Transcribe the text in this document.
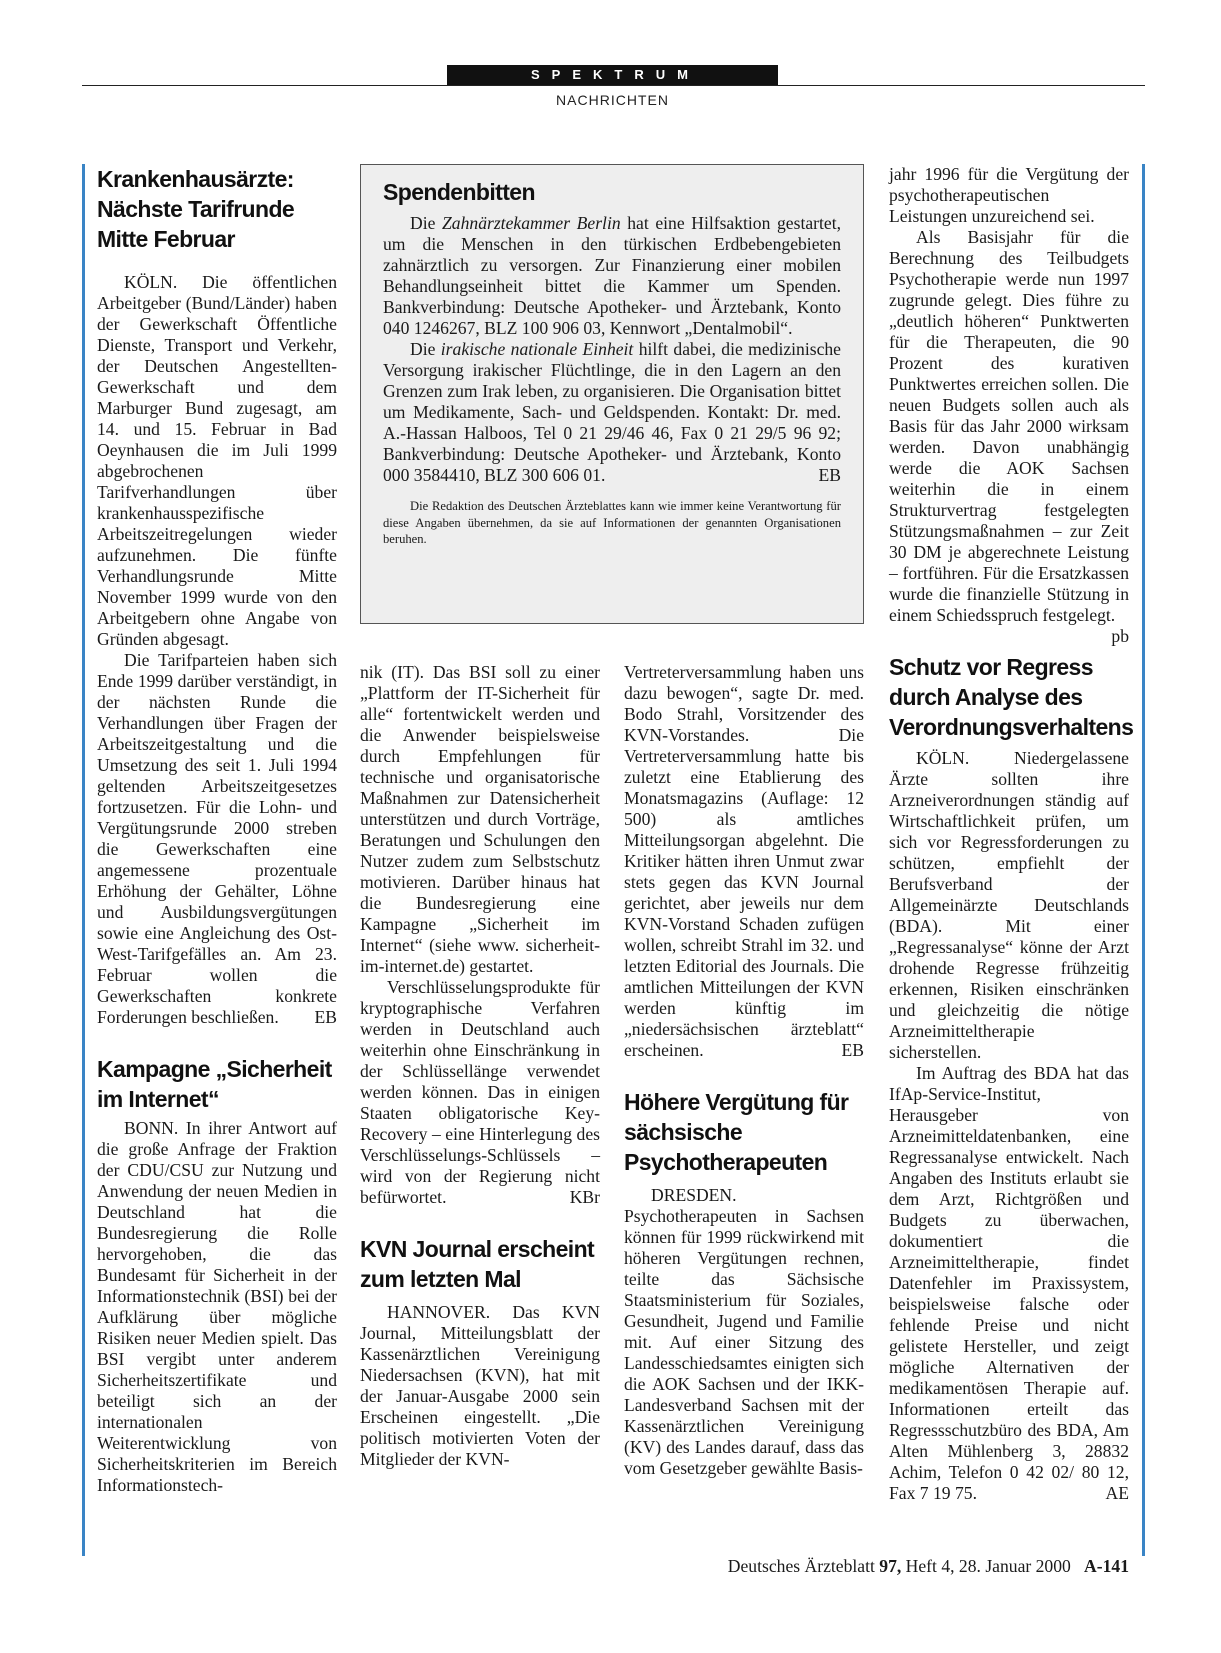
SPEKTRUM
NACHRICHTEN
Krankenhausärzte:
Nächste Tarifrunde
Mitte Februar

KÖLN. Die öffentlichen Arbeitgeber (Bund/Länder) haben der Gewerkschaft Öffentliche Dienste, Transport und Verkehr, der Deutschen Angestellten-Gewerkschaft und dem Marburger Bund zugesagt, am 14. und 15. Februar in Bad Oeynhausen die im Juli 1999 abgebrochenen Tarifverhandlungen über krankenhausspezifische Arbeitszeitregelungen wieder aufzunehmen. Die fünfte Verhandlungsrunde Mitte November 1999 wurde von den Arbeitgebern ohne Angabe von Gründen abgesagt.

Die Tarifparteien haben sich Ende 1999 darüber verständigt, in der nächsten Runde die Verhandlungen über Fragen der Arbeitszeitgestaltung und die Umsetzung des seit 1. Juli 1994 geltenden Arbeitszeitgesetzes fortzusetzen. Für die Lohn- und Vergütungsrunde 2000 streben die Gewerkschaften eine angemessene prozentuale Erhöhung der Gehälter, Löhne und Ausbildungsvergütungen sowie eine Angleichung des Ost-West-Tarifgefälles an. Am 23. Februar wollen die Gewerkschaften konkrete Forderungen beschließen.	EB

Kampagne „Sicherheit
im Internet“

BONN. In ihrer Antwort auf die große Anfrage der Fraktion der CDU/CSU zur Nutzung und Anwendung der neuen Medien in Deutschland hat die Bundesregierung die Rolle hervorgehoben, die das Bundesamt für Sicherheit in der Informationstechnik (BSI) bei der Aufklärung über mögliche Risiken neuer Medien spielt. Das BSI vergibt unter anderem Sicherheitszertifikate und beteiligt sich an der internationalen Weiterentwicklung von Sicherheitskriterien im Bereich Informationstech-

Spendenbitten

Die Zahnärztekammer Berlin hat eine Hilfsaktion gestartet, um die Menschen in den türkischen Erdbebengebieten zahnärztlich zu versorgen. Zur Finanzierung einer mobilen Behandlungseinheit bittet die Kammer um Spenden. Bankverbindung: Deutsche Apotheker- und Ärztebank, Konto 040 1246267, BLZ 100 906 03, Kennwort „Dentalmobil“.

Die irakische nationale Einheit hilft dabei, die medizinische Versorgung irakischer Flüchtlinge, die in den Lagern an den Grenzen zum Irak leben, zu organisieren. Die Organisation bittet um Medikamente, Sach- und Geldspenden. Kontakt: Dr. med. A.-Hassan Halboos, Tel 0 21 29/46 46, Fax 0 21 29/5 96 92; Bankverbindung: Deutsche Apotheker- und Ärztebank, Konto 000 3584410, BLZ 300 606 01.	EB

Die Redaktion des Deutschen Ärzteblattes kann wie immer keine Verantwortung für diese Angaben übernehmen, da sie auf Informationen der genannten Organisationen beruhen.

nik (IT). Das BSI soll zu einer „Plattform der IT-Sicherheit für alle“ fortentwickelt werden und die Anwender beispielsweise durch Empfehlungen für technische und organisatorische Maßnahmen zur Datensicherheit unterstützen und durch Vorträge, Beratungen und Schulungen den Nutzer zudem zum Selbstschutz motivieren. Darüber hinaus hat die Bundesregierung eine Kampagne „Sicherheit im Internet“ (siehe www. sicherheit-im-internet.de) gestartet.

Verschlüsselungsprodukte für kryptographische Verfahren werden in Deutschland auch weiterhin ohne Einschränkung in der Schlüssellänge verwendet werden können. Das in einigen Staaten obligatorische Key-Recovery – eine Hinterlegung des Verschlüsselungs-Schlüssels – wird von der Regierung nicht befürwortet.	KBr

KVN Journal erscheint
zum letzten Mal

HANNOVER. Das KVN Journal, Mitteilungsblatt der Kassenärztlichen Vereinigung Niedersachsen (KVN), hat mit der Januar-Ausgabe 2000 sein Erscheinen eingestellt. „Die politisch motivierten Voten der Mitglieder der KVN-

Vertreterversammlung haben uns dazu bewogen“, sagte Dr. med. Bodo Strahl, Vorsitzender des KVN-Vorstandes. Die Vertreterversammlung hatte bis zuletzt eine Etablierung des Monatsmagazins (Auflage: 12 500) als amtliches Mitteilungsorgan abgelehnt. Die Kritiker hätten ihren Unmut zwar stets gegen das KVN Journal gerichtet, aber jeweils nur dem KVN-Vorstand Schaden zufügen wollen, schreibt Strahl im 32. und letzten Editorial des Journals. Die amtlichen Mitteilungen der KVN werden künftig im „niedersächsischen ärzteblatt“ erscheinen.	EB

Höhere Vergütung für
sächsische
Psychotherapeuten

DRESDEN. Psychotherapeuten in Sachsen können für 1999 rückwirkend mit höheren Vergütungen rechnen, teilte das Sächsische Staatsministerium für Soziales, Gesundheit, Jugend und Familie mit. Auf einer Sitzung des Landesschiedsamtes einigten sich die AOK Sachsen und der IKK-Landesverband Sachsen mit der Kassenärztlichen Vereinigung (KV) des Landes darauf, dass das vom Gesetzgeber gewählte Basis-

jahr 1996 für die Vergütung der psychotherapeutischen Leistungen unzureichend sei.

Als Basisjahr für die Berechnung des Teilbudgets Psychotherapie werde nun 1997 zugrunde gelegt. Dies führe zu „deutlich höheren“ Punktwerten für die Therapeuten, die 90 Prozent des kurativen Punktwertes erreichen sollen. Die neuen Budgets sollen auch als Basis für das Jahr 2000 wirksam werden. Davon unabhängig werde die AOK Sachsen weiterhin die in einem Strukturvertrag festgelegten Stützungsmaßnahmen – zur Zeit 30 DM je abgerechnete Leistung – fortführen. Für die Ersatzkassen wurde die finanzielle Stützung in einem Schiedsspruch festgelegt.
pb

Schutz vor Regress
durch Analyse des
Verordnungsverhaltens

KÖLN. Niedergelassene Ärzte sollten ihre Arzneiverordnungen ständig auf Wirtschaftlichkeit prüfen, um sich vor Regressforderungen zu schützen, empfiehlt der Berufsverband der Allgemeinärzte Deutschlands (BDA). Mit einer „Regressanalyse“ könne der Arzt drohende Regresse frühzeitig erkennen, Risiken einschränken und gleichzeitig die nötige Arzneimitteltherapie sicherstellen.

Im Auftrag des BDA hat das IfAp-Service-Institut, Herausgeber von Arzneimitteldatenbanken, eine Regressanalyse entwickelt. Nach Angaben des Instituts erlaubt sie dem Arzt, Richtgrößen und Budgets zu überwachen, dokumentiert die Arzneimitteltherapie, findet Datenfehler im Praxissystem, beispielsweise falsche oder fehlende Preise und nicht gelistete Hersteller, und zeigt mögliche Alternativen der medikamentösen Therapie auf. Informationen erteilt das Regressschutzbüro des BDA, Am Alten Mühlenberg 3, 28832 Achim, Telefon 0 42 02/ 80 12, Fax 7 19 75.	AE

Deutsches Ärzteblatt 97, Heft 4, 28. Januar 2000 A-141
